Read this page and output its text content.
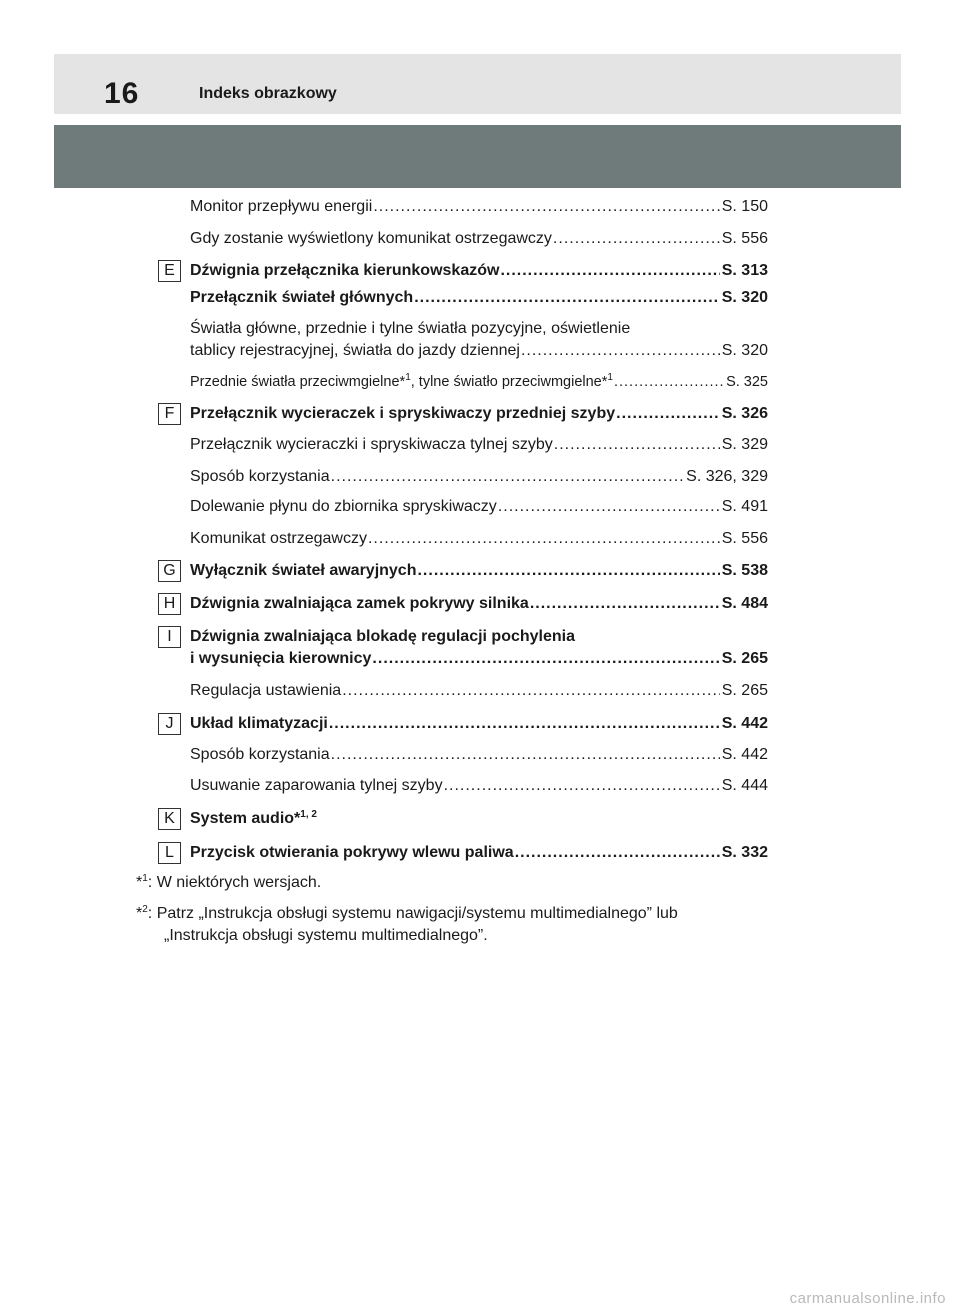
16	Indeks obrazkowy
Monitor przepływu energii .....	S. 150
Gdy zostanie wyświetlony komunikat ostrzegawczy .....	S. 556
E Dźwignia przełącznika kierunkowskazów .....	S. 313
Przełącznik świateł głównych .....	S. 320
Światła główne, przednie i tylne światła pozycyjne, oświetlenie
tablicy rejestracyjnej, światła do jazdy dziennej .....	S. 320
Przednie światła przeciwmgielne*$^1$, tylne światło przeciwmgielne*$^1$ .....	S. 325
F Przełącznik wycieraczek i spryskiwaczy przedniej szyby .....	S. 326
Przełącznik wycieraczki i spryskiwacza tylnej szyby .....	S. 329
Sposób korzystania .....	S. 326, 329
Dolewanie płynu do zbiornika spryskiwaczy .....	S. 491
Komunikat ostrzegawczy .....	S. 556
G Wyłącznik świateł awaryjnych .....	S. 538
H Dźwignia zwalniająca zamek pokrywy silnika .....	S. 484
I	Dźwignia zwalniająca blokadę regulacji pochylenia
i wysunięcia kierownicy .....	S. 265
Regulacja ustawienia .....	S. 265
J	Układ klimatyzacji .....	S. 442
Sposób korzystania .....	S. 442
Usuwanie zaparowania tylnej szyby .....	S. 444
K System audio*$^{1, 2}$
L	Przycisk otwierania pokrywy wlewu paliwa .....	S. 332
*$^1$: W niektórych wersjach.
*$^2$: Patrz „Instrukcja obsługi systemu nawigacji/systemu multimedialnego” lub
„Instrukcja obsługi systemu multimedialnego”.
carmanualsonline.info
